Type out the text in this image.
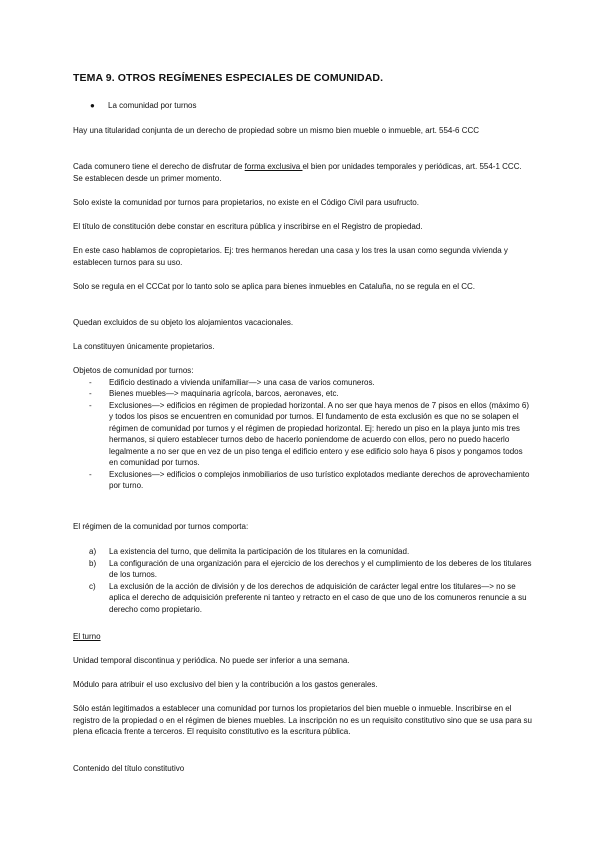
TEMA 9. OTROS REGÍMENES ESPECIALES DE COMUNIDAD.
● La comunidad por turnos
Hay una titularidad conjunta de un derecho de propiedad sobre un mismo bien mueble o inmueble, art. 554-6 CCC
Cada comunero tiene el derecho de disfrutar de forma exclusiva el bien por unidades temporales y periódicas, art. 554-1 CCC. Se establecen desde un primer momento.
Solo existe la comunidad por turnos para propietarios, no existe en el Código Civil para usufructo.
El título de constitución debe constar en escritura pública y inscribirse en el Registro de propiedad.
En este caso hablamos de copropietarios. Ej: tres hermanos heredan una casa y los tres la usan como segunda vivienda y establecen turnos para su uso.
Solo se regula en el CCCat por lo tanto solo se aplica para bienes inmuebles en Cataluña, no se regula en el CC.
Quedan excluidos de su objeto los alojamientos vacacionales.
La constituyen únicamente propietarios.
Objetos de comunidad por turnos:
-	Edificio destinado a vivienda unifamiliar—> una casa de varios comuneros.
-	Bienes muebles—> maquinaria agrícola, barcos, aeronaves, etc.
-	Exclusiones—> edificios en régimen de propiedad horizontal. A no ser que haya menos de 7 pisos en ellos (máximo 6) y todos los pisos se encuentren en comunidad por turnos. El fundamento de esta exclusión es que no se solapen el régimen de comunidad por turnos y el régimen de propiedad horizontal. Ej: heredo un piso en la playa junto mis tres hermanos, si quiero establecer turnos debo de hacerlo poniendome de acuerdo con ellos, pero no puedo hacerlo legalmente a no ser que en vez de un piso tenga el edificio entero y ese edificio solo haya 6 pisos y pongamos todos en comunidad por turnos.
-	Exclusiones—> edificios o complejos inmobiliarios de uso turístico explotados mediante derechos de aprovechamiento por turno.
El régimen de la comunidad por turnos comporta:
a)	La existencia del turno, que delimita la participación de los titulares en la comunidad.
b)	La configuración de una organización para el ejercicio de los derechos y el cumplimiento de los deberes de los titulares de los turnos.
c)	La exclusión de la acción de división y de los derechos de adquisición de carácter legal entre los titulares—> no se aplica el derecho de adquisición preferente ni tanteo y retracto en el caso de que uno de los comuneros renuncie a su derecho como propietario.
El turno
Unidad temporal discontinua y periódica. No puede ser inferior a una semana.
Módulo para atribuir el uso exclusivo del bien y la contribución a los gastos generales.
Sólo están legitimados a establecer una comunidad por turnos los propietarios del bien mueble o inmueble. Inscribirse en el registro de la propiedad o en el régimen de bienes muebles. La inscripción no es un requisito constitutivo sino que se usa para su plena eficacia frente a terceros. El requisito constitutivo es la escritura pública.
Contenido del título constitutivo
